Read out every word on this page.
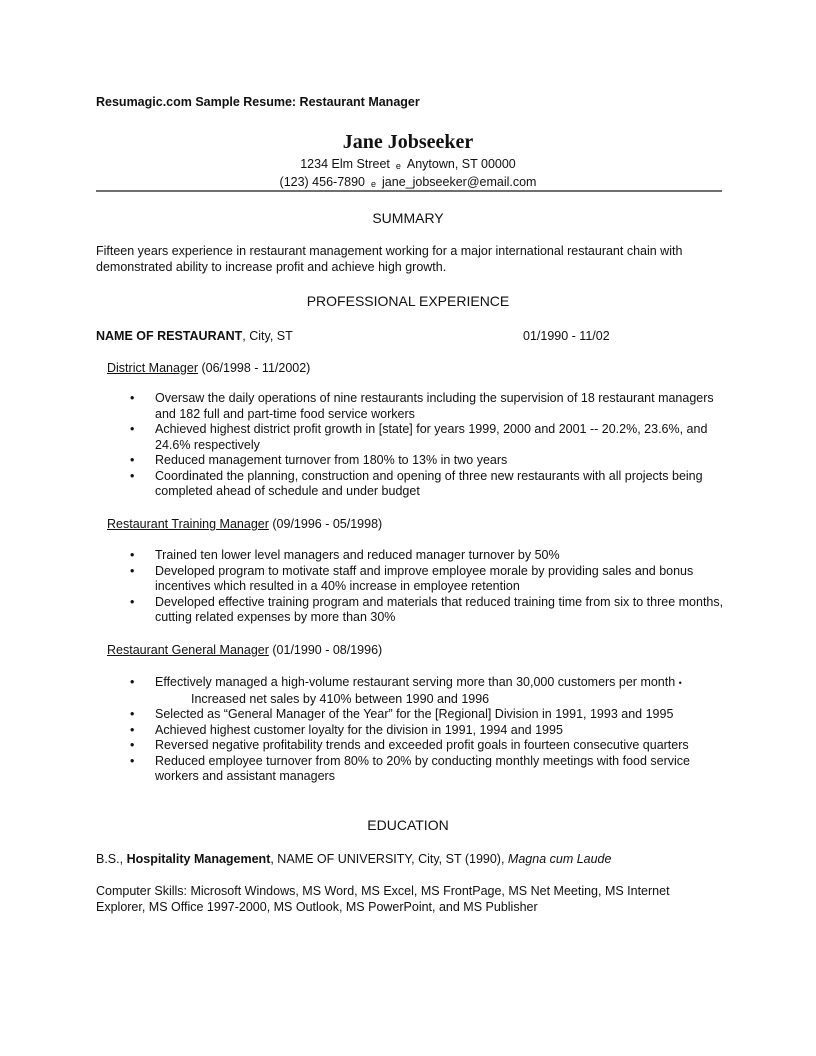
Resumagic.com Sample Resume: Restaurant Manager
Jane Jobseeker
1234 Elm Street e Anytown, ST 00000
(123) 456-7890 e jane_jobseeker@email.com
SUMMARY
Fifteen years experience in restaurant management working for a major international restaurant chain with demonstrated ability to increase profit and achieve high growth.
PROFESSIONAL EXPERIENCE
NAME OF RESTAURANT, City, ST	01/1990 - 11/02
District Manager (06/1998 - 11/2002)
• Oversaw the daily operations of nine restaurants including the supervision of 18 restaurant managers and 182 full and part-time food service workers
• Achieved highest district profit growth in [state] for years 1999, 2000 and 2001 -- 20.2%, 23.6%, and 24.6% respectively
• Reduced management turnover from 180% to 13% in two years
• Coordinated the planning, construction and opening of three new restaurants with all projects being completed ahead of schedule and under budget
Restaurant Training Manager (09/1996 - 05/1998)
• Trained ten lower level managers and reduced manager turnover by 50%
• Developed program to motivate staff and improve employee morale by providing sales and bonus incentives which resulted in a 40% increase in employee retention
• Developed effective training program and materials that reduced training time from six to three months, cutting related expenses by more than 30%
Restaurant General Manager (01/1990 - 08/1996)
• Effectively managed a high-volume restaurant serving more than 30,000 customers per month •
Increased net sales by 410% between 1990 and 1996
• Selected as “General Manager of the Year” for the [Regional] Division in 1991, 1993 and 1995
• Achieved highest customer loyalty for the division in 1991, 1994 and 1995
• Reversed negative profitability trends and exceeded profit goals in fourteen consecutive quarters
• Reduced employee turnover from 80% to 20% by conducting monthly meetings with food service workers and assistant managers
EDUCATION
B.S., Hospitality Management, NAME OF UNIVERSITY, City, ST (1990), Magna cum Laude
Computer Skills: Microsoft Windows, MS Word, MS Excel, MS FrontPage, MS Net Meeting, MS Internet Explorer, MS Office 1997-2000, MS Outlook, MS PowerPoint, and MS Publisher
